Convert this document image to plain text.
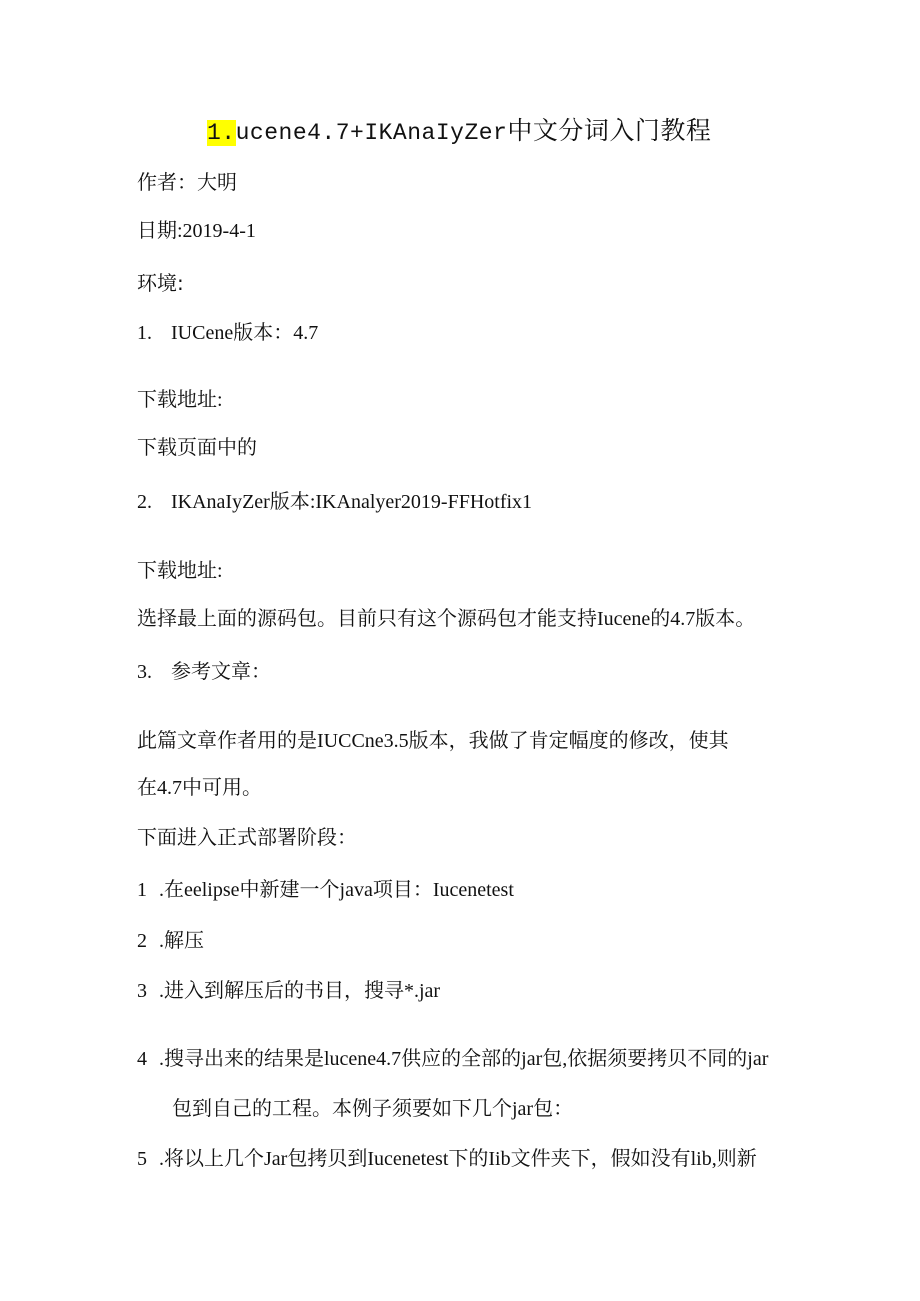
1.ucene4.7+IKAnaIyZer中文分词入门教程
作者：大明
日期:2019-4-1
环境:
1. IUCene版本：4.7
下载地址:
下载页面中的
2. IKAnaIyZer版本:IKAnalyer2019-FFHotfix1
下载地址:
选择最上面的源码包。目前只有这个源码包才能支持Iucene的4.7版本。
3. 参考文章：
此篇文章作者用的是IUCCne3.5版本，我做了肯定幅度的修改，使其
在4.7中可用。
下面进入正式部署阶段：
1 .在eelipse中新建一个java项目：Iucenetest
2 .解压
3 .进入到解压后的书目，搜寻*.jar
4 .搜寻出来的结果是lucene4.7供应的全部的jar包,依据须要拷贝不同的jar
包到自己的工程。本例子须要如下几个jar包：
5 .将以上几个Jar包拷贝到Iucenetest下的Iib文件夹下，假如没有lib,则新
